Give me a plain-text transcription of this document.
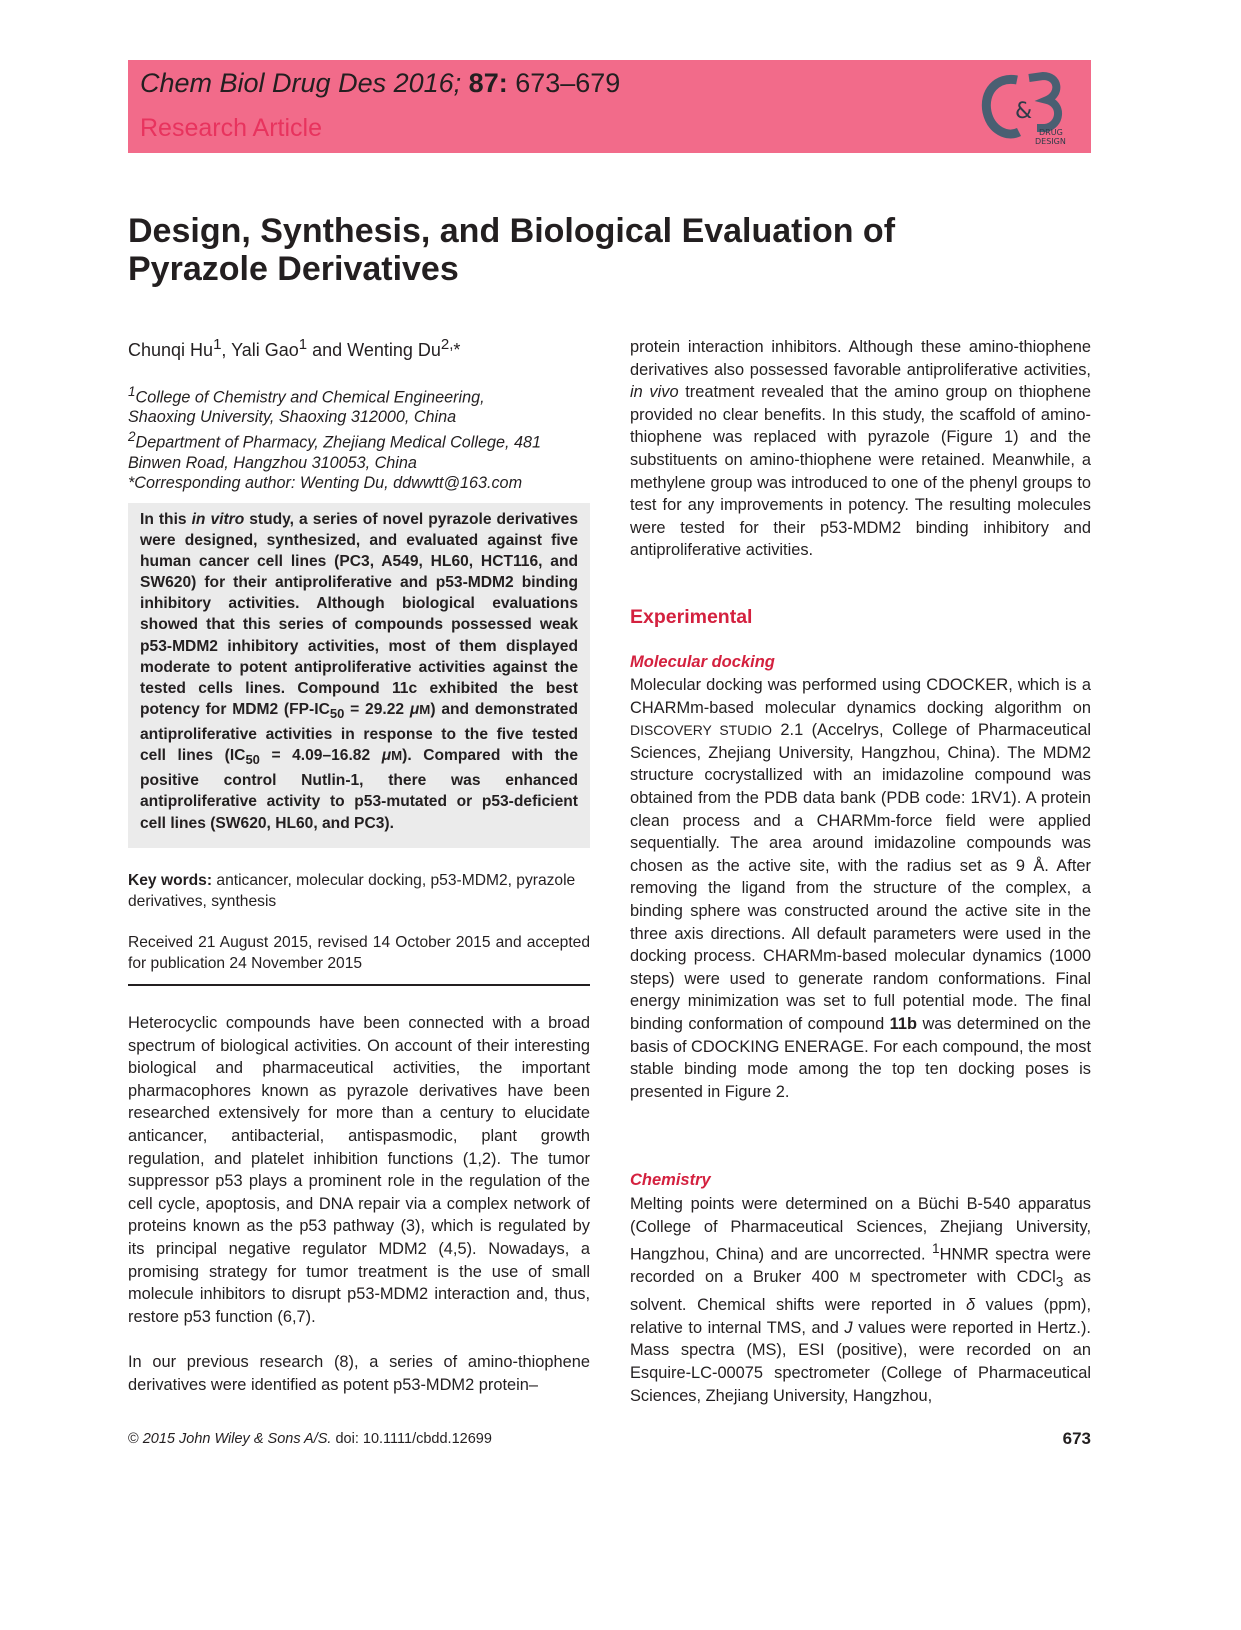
Chem Biol Drug Des 2016; 87: 673–679
Research Article
&
DRUG
DESIGN
Design, Synthesis, and Biological Evaluation of Pyrazole Derivatives
Chunqi Hu$^1$, Yali Gao$^1$ and Wenting $Du^{2,}*$
$^1$College of Chemistry and Chemical Engineering,
Shaoxing University, Shaoxing 312000, China
$^2$Department of Pharmacy, Zhejiang Medical College, 481
Binwen Road, Hangzhou 310053, China
*Corresponding author: Wenting Du, ddwwtt@163.com
In this in vitro study, a series of novel pyrazole derivatives were designed, synthesized, and evaluated against five human cancer cell lines (PC3, A549, HL60, HCT116, and SW620) for their antiproliferative and p53-MDM2 binding inhibitory activities. Although biological evaluations showed that this series of compounds possessed weak p53-MDM2 inhibitory activities, most of them displayed moderate to potent antiproliferative activities against the tested cells lines. Compound 11c exhibited the best potency for MDM2 ($FP-IC_{50} = 29.22$ μM) and demonstrated antiproliferative activities in response to the five tested cell lines ($IC_{50} = 4.09-16.82$ μM). Compared with the positive control Nutlin-1, there was enhanced antiproliferative activity to p53-mutated or p53-deficient cell lines (SW620, HL60, and PC3).
Key words: anticancer, molecular docking, p53-MDM2, pyrazole derivatives, synthesis
Received 21 August 2015, revised 14 October 2015 and accepted for publication 24 November 2015

Heterocyclic compounds have been connected with a broad spectrum of biological activities. On account of their interesting biological and pharmaceutical activities, the important pharmacophores known as pyrazole derivatives have been researched extensively for more than a century to elucidate anticancer, antibacterial, antispasmodic, plant growth regulation, and platelet inhibition functions (1,2). The tumor suppressor p53 plays a prominent role in the regulation of the cell cycle, apoptosis, and DNA repair via a complex network of proteins known as the p53 pathway (3), which is regulated by its principal negative regulator MDM2 (4,5). Nowadays, a promising strategy for tumor treatment is the use of small molecule inhibitors to disrupt p53-MDM2 interaction and, thus, restore p53 function (6,7).

In our previous research (8), a series of amino-thiophene derivatives were identified as potent p53-MDM2 protein–

protein interaction inhibitors. Although these amino-thiophene derivatives also possessed favorable antiproliferative activities, in vivo treatment revealed that the amino group on thiophene provided no clear benefits. In this study, the scaffold of amino-thiophene was replaced with pyrazole (Figure 1) and the substituents on amino-thiophene were retained. Meanwhile, a methylene group was introduced to one of the phenyl groups to test for any improvements in potency. The resulting molecules were tested for their p53-MDM2 binding inhibitory and antiproliferative activities.

Experimental
Molecular docking

Molecular docking was performed using CDOCKER, which is a CHARMm-based molecular dynamics docking algorithm on DISCOVERY STUDIO 2.1 (Accelrys, College of Pharmaceutical Sciences, Zhejiang University, Hangzhou, China). The MDM2 structure cocrystallized with an imidazoline compound was obtained from the PDB data bank (PDB code: 1RV1). A protein clean process and a CHARMm-force field were applied sequentially. The area around imidazoline compounds was chosen as the active site, with the radius set as 9 Å. After removing the ligand from the structure of the complex, a binding sphere was constructed around the active site in the three axis directions. All default parameters were used in the docking process. CHARMm-based molecular dynamics (1000 steps) were used to generate random conformations. Final energy minimization was set to full potential mode. The final binding conformation of compound 11b was determined on the basis of CDOCKING ENERAGE. For each compound, the most stable binding mode among the top ten docking poses is presented in Figure 2.

Chemistry

Melting points were determined on a Büchi B-540 apparatus (College of Pharmaceutical Sciences, Zhejiang University, Hangzhou, China) and are uncorrected. $^1$HNMR spectra were recorded on a Bruker 400 M spectrometer with CDCl$_3$ as solvent. Chemical shifts were reported in δ values (ppm), relative to internal TMS, and J values were reported in Hertz.). Mass spectra (MS), ESI (positive), were recorded on an Esquire-LC-00075 spectrometer (College of Pharmaceutical Sciences, Zhejiang University, Hangzhou,

© 2015 John Wiley & Sons A/S. doi: 10.1111/cbdd.12699	673
